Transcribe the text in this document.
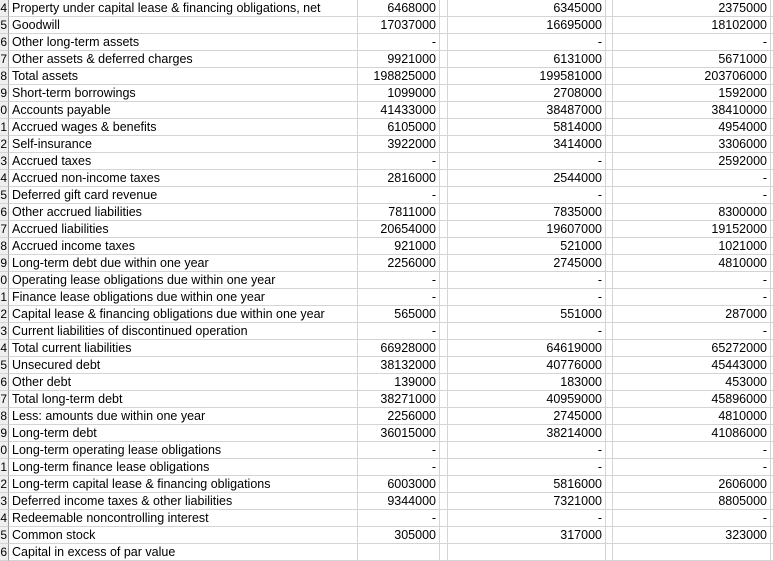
4 Property under capital lease & financing obligations, net	6468000	6345000	2375000
5 Goodwill	17037000	16695000	18102000
6 Other long-term assets	-	-	-
7 Other assets & deferred charges	9921000	6131000	5671000
8 Total assets	198825000	199581000	203706000
9 Short-term borrowings	1099000	2708000	1592000
0 Accounts payable	41433000	38487000	38410000
1 Accrued wages & benefits	6105000	5814000	4954000
2 Self-insurance	3922000	3414000	3306000
3 Accrued taxes	-	-	2592000
4 Accrued non-income taxes	2816000	2544000	-
5 Deferred gift card revenue	-	-	-
6 Other accrued liabilities	7811000	7835000	8300000
7 Accrued liabilities	20654000	19607000	19152000
8 Accrued income taxes	921000	521000	1021000
9 Long-term debt due within one year	2256000	2745000	4810000
0 Operating lease obligations due within one year	-	-	-
1 Finance lease obligations due within one year	-	-	-
2 Capital lease & financing obligations due within one year	565000	551000	287000
3 Current liabilities of discontinued operation	-	-	-
4 Total current liabilities	66928000	64619000	65272000
5 Unsecured debt	38132000	40776000	45443000
6 Other debt	139000	183000	453000
7 Total long-term debt	38271000	40959000	45896000
8 Less: amounts due within one year	2256000	2745000	4810000
9 Long-term debt	36015000	38214000	41086000
0 Long-term operating lease obligations	-	-	-
1 Long-term finance lease obligations	-	-	-
2 Long-term capital lease & financing obligations	6003000	5816000	2606000
3 Deferred income taxes & other liabilities	9344000	7321000	8805000
4 Redeemable noncontrolling interest	-	-	-
5 Common stock	305000	317000	323000
6 Capital in excess of par value
